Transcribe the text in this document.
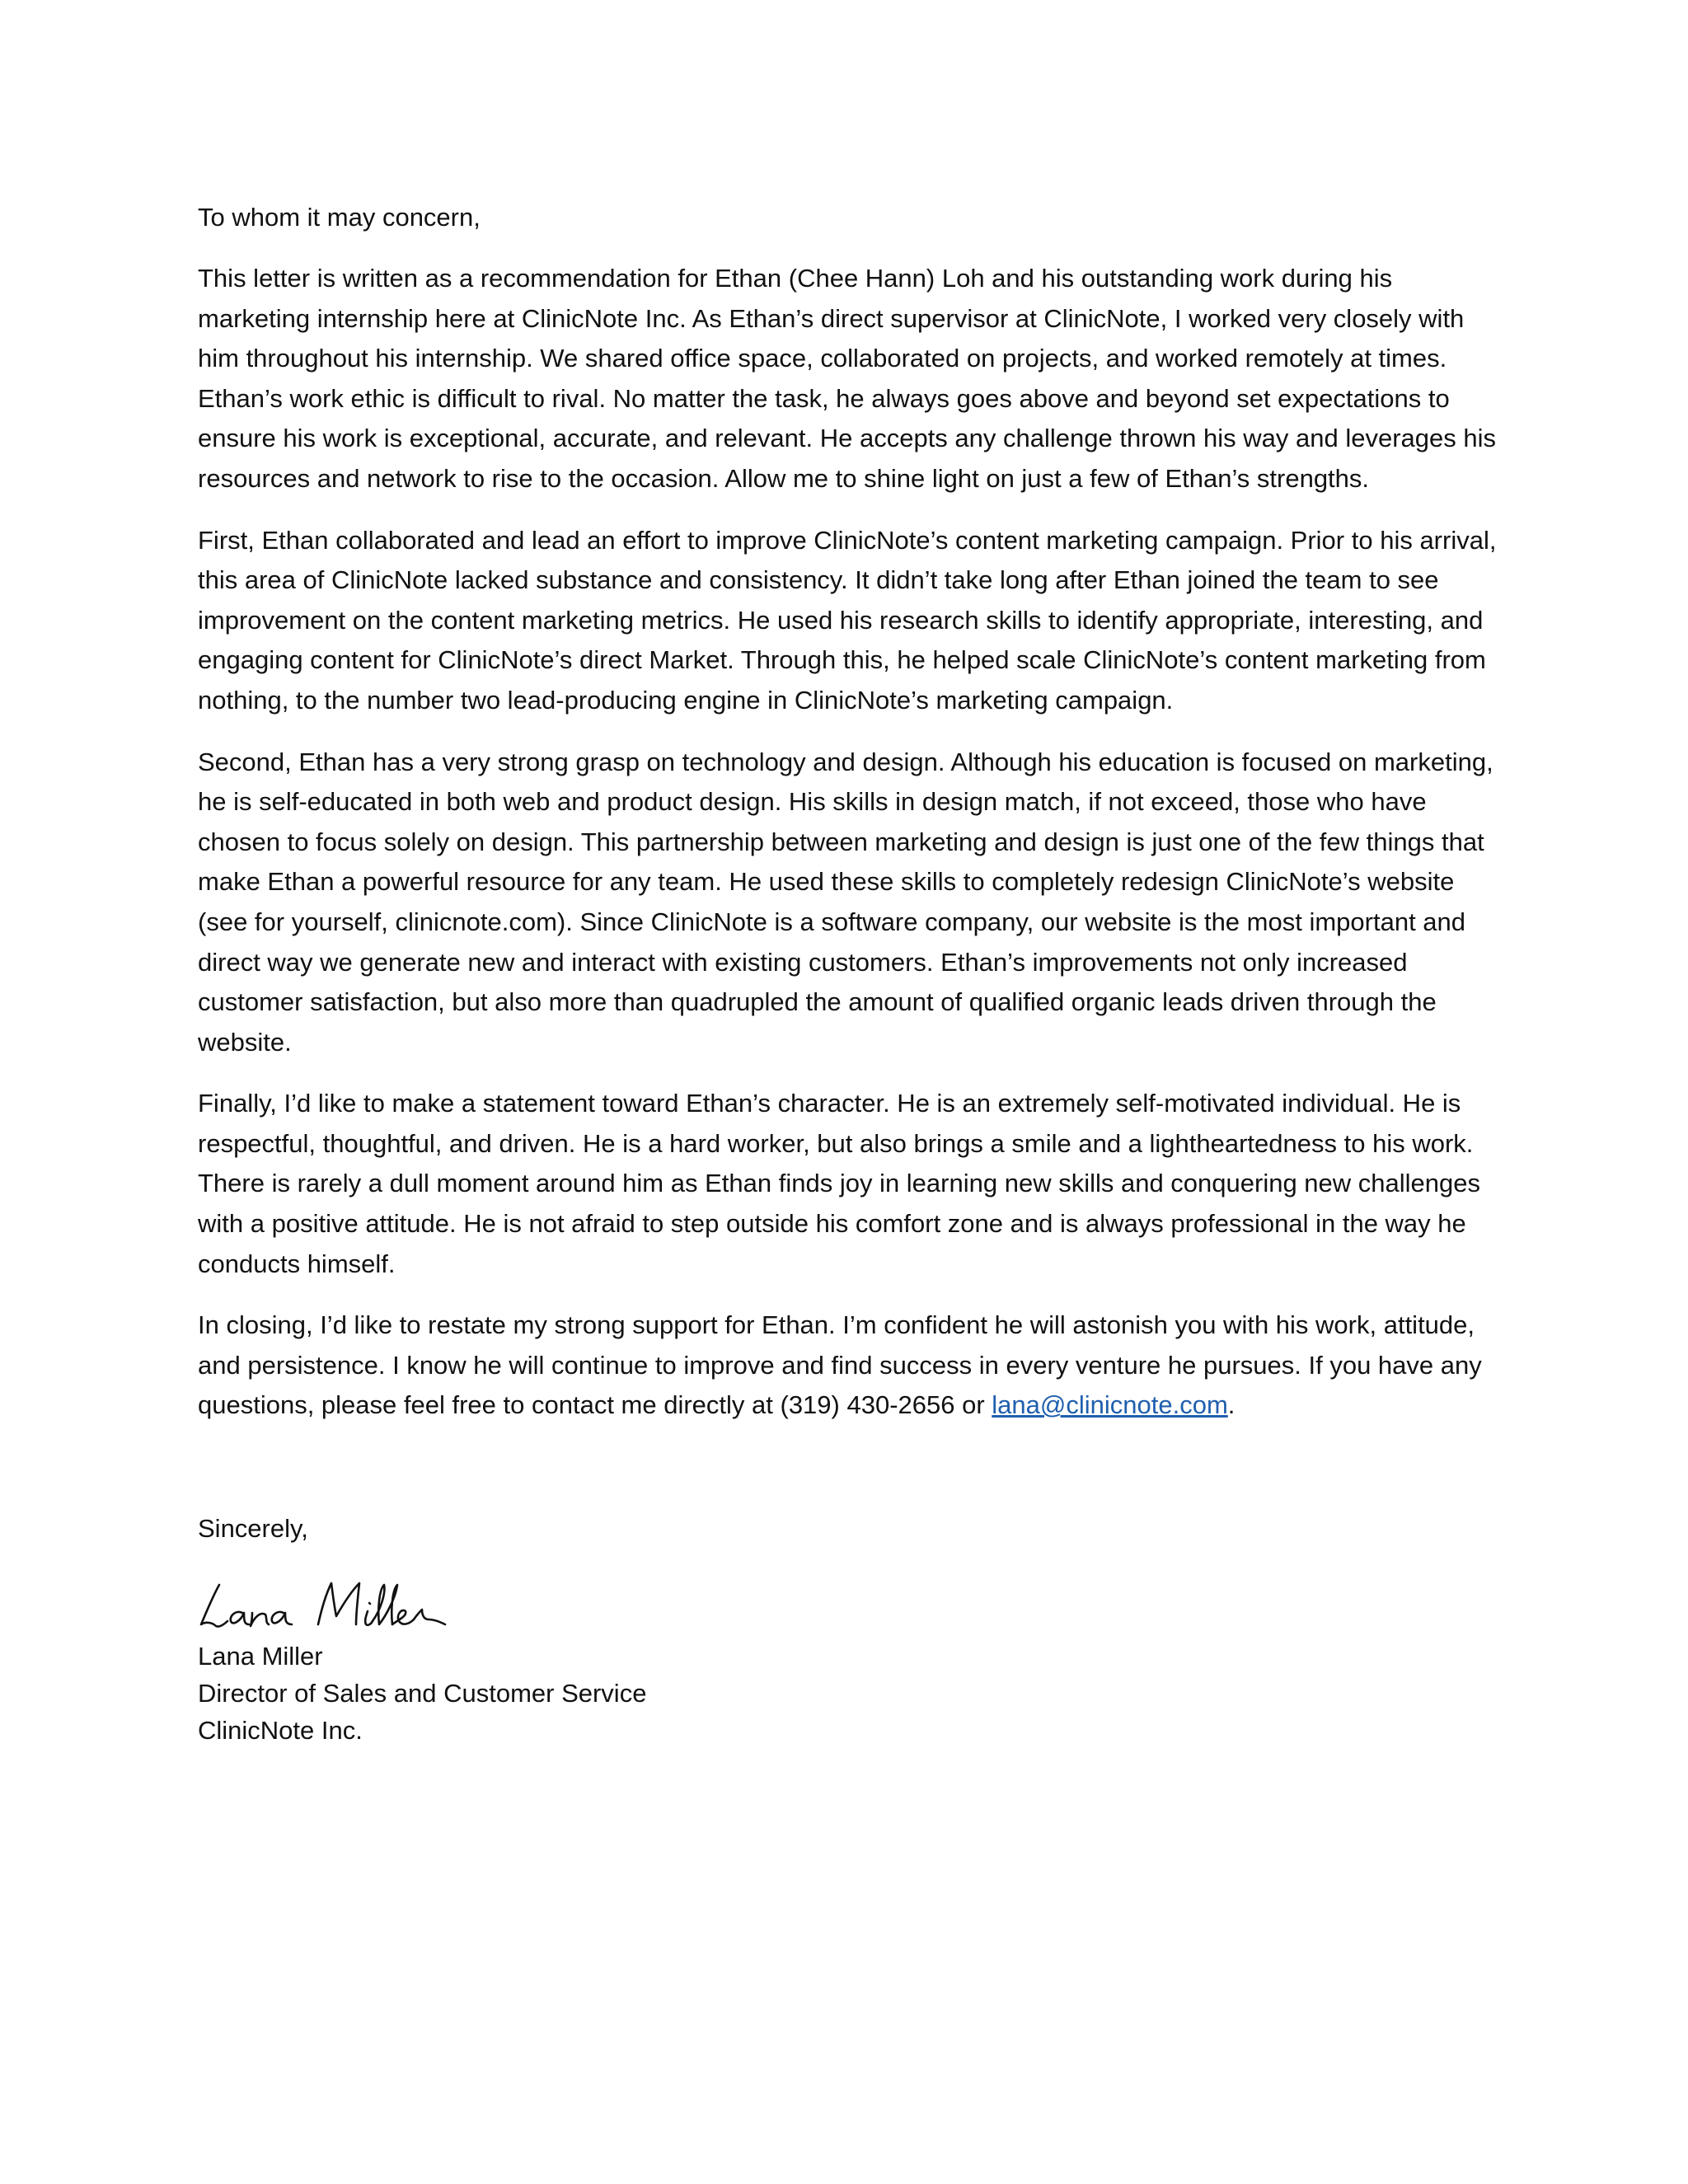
To whom it may concern,

This letter is written as a recommendation for Ethan (Chee Hann) Loh and his outstanding work during his marketing internship here at ClinicNote Inc. As Ethan’s direct supervisor at ClinicNote, I worked very closely with him throughout his internship. We shared office space, collaborated on projects, and worked remotely at times. Ethan’s work ethic is difficult to rival. No matter the task, he always goes above and beyond set expectations to ensure his work is exceptional, accurate, and relevant. He accepts any challenge thrown his way and leverages his resources and network to rise to the occasion. Allow me to shine light on just a few of Ethan’s strengths.

First, Ethan collaborated and lead an effort to improve ClinicNote’s content marketing campaign. Prior to his arrival, this area of ClinicNote lacked substance and consistency. It didn’t take long after Ethan joined the team to see improvement on the content marketing metrics. He used his research skills to identify appropriate, interesting, and engaging content for ClinicNote’s direct Market. Through this, he helped scale ClinicNote’s content marketing from nothing, to the number two lead-producing engine in ClinicNote’s marketing campaign.

Second, Ethan has a very strong grasp on technology and design. Although his education is focused on marketing, he is self-educated in both web and product design. His skills in design match, if not exceed, those who have chosen to focus solely on design. This partnership between marketing and design is just one of the few things that make Ethan a powerful resource for any team. He used these skills to completely redesign ClinicNote’s website (see for yourself, clinicnote.com). Since ClinicNote is a software company, our website is the most important and direct way we generate new and interact with existing customers. Ethan’s improvements not only increased customer satisfaction, but also more than quadrupled the amount of qualified organic leads driven through the website.

Finally, I’d like to make a statement toward Ethan’s character. He is an extremely self-motivated individual. He is respectful, thoughtful, and driven. He is a hard worker, but also brings a smile and a lightheartedness to his work. There is rarely a dull moment around him as Ethan finds joy in learning new skills and conquering new challenges with a positive attitude. He is not afraid to step outside his comfort zone and is always professional in the way he conducts himself.

In closing, I’d like to restate my strong support for Ethan. I’m confident he will astonish you with his work, attitude, and persistence. I know he will continue to improve and find success in every venture he pursues. If you have any questions, please feel free to contact me directly at (319) 430-2656 or lana@clinicnote.com.

Sincerely,

Lana Miller
Director of Sales and Customer Service
ClinicNote Inc.
